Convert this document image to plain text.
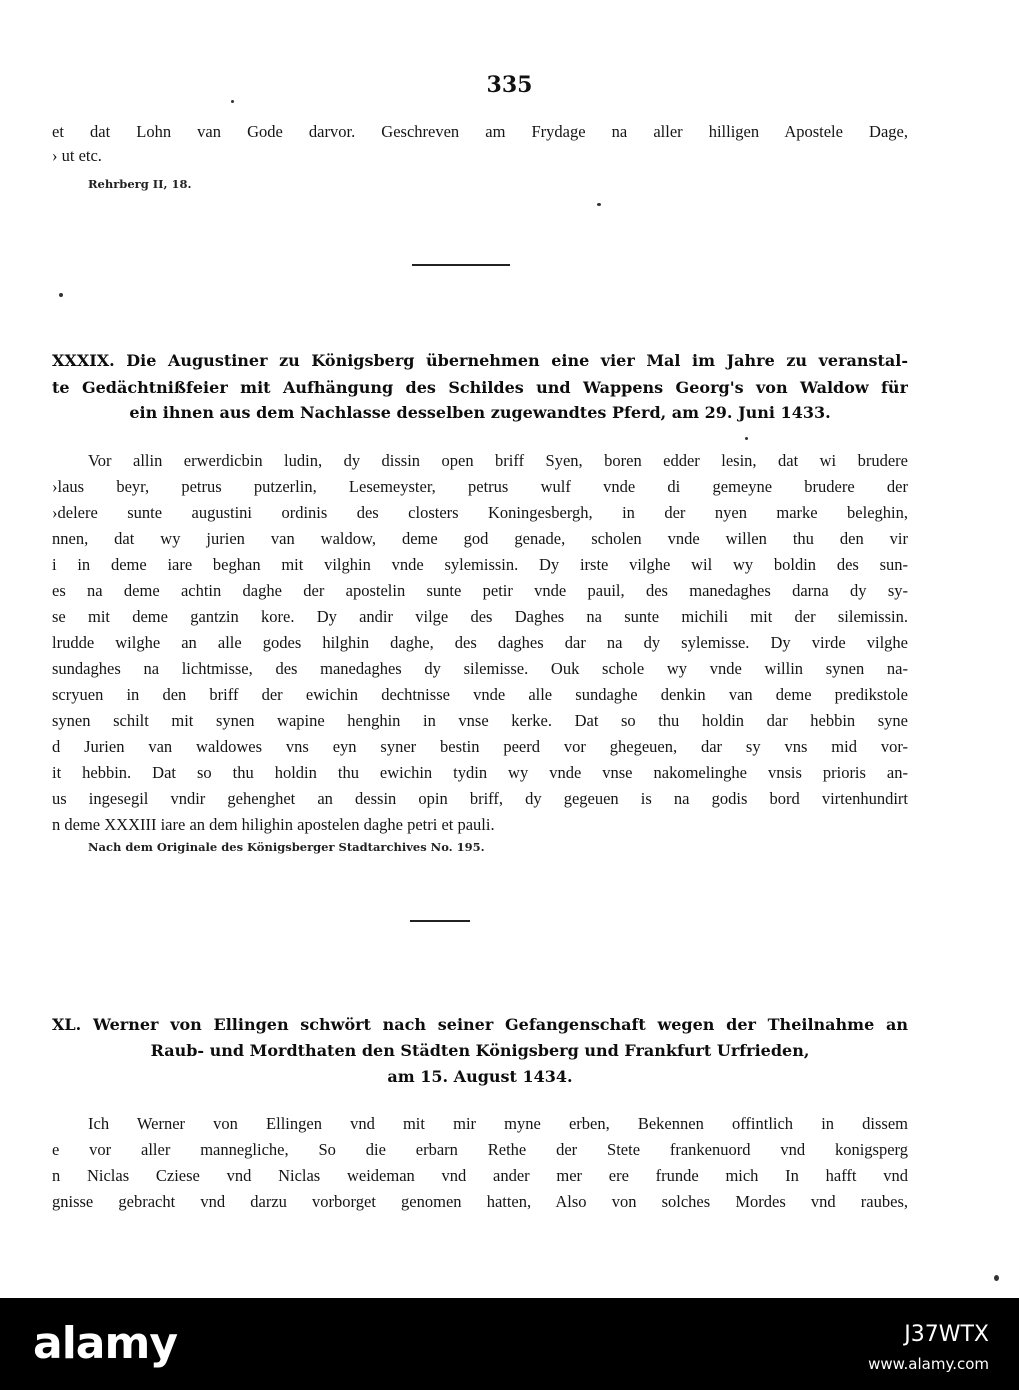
335
et dat Lohn van Gode darvor. Geschreven am Frydage na aller hilligen Apostele Dage,
› ut etc.
Rehrberg II, 18.
XXXIX. Die Augustiner zu Königsberg übernehmen eine vier Mal im Jahre zu veranstal-
te Gedächtnißfeier mit Aufhängung des Schildes und Wappens Georg's von Waldow für
ein ihnen aus dem Nachlasse desselben zugewandtes Pferd, am 29. Juni 1433.
Vor allin erwerdicbin ludin, dy dissin open briff Syen, boren edder lesin, dat wi brudere
›laus beyr, petrus putzerlin, Lesemeyster, petrus wulf vnde di gemeyne brudere der
›delere sunte augustini ordinis des closters Koningesbergh, in der nyen marke beleghin,
nnen, dat wy jurien van waldow, deme god genade, scholen vnde willen thu den vir
i in deme iare beghan mit vilghin vnde sylemissin. Dy irste vilghe wil wy boldin des sun-
es na deme achtin daghe der apostelin sunte petir vnde pauil, des manedaghes darna dy sy-
se mit deme gantzin kore. Dy andir vilge des Daghes na sunte michili mit der silemissin.
lrudde wilghe an alle godes hilghin daghe, des daghes dar na dy sylemisse. Dy virde vilghe
sundaghes na lichtmisse, des manedaghes dy silemisse. Ouk schole wy vnde willin synen na-
scryuen in den briff der ewichin dechtnisse vnde alle sundaghe denkin van deme predikstole
synen schilt mit synen wapine henghin in vnse kerke. Dat so thu holdin dar hebbin syne
d Jurien van waldowes vns eyn syner bestin peerd vor ghegeuen, dar sy vns mid vor-
it hebbin. Dat so thu holdin thu ewichin tydin wy vnde vnse nakomelinghe vnsis prioris an-
us ingesegil vndir gehenghet an dessin opin briff, dy gegeuen is na godis bord virtenhundirt
n deme XXXIII iare an dem hilighin apostelen daghe petri et pauli.
Nach dem Originale des Königsberger Stadtarchives No. 195.
XL. Werner von Ellingen schwört nach seiner Gefangenschaft wegen der Theilnahme an
Raub- und Mordthaten den Städten Königsberg und Frankfurt Urfrieden,
am 15. August 1434.
Ich Werner von Ellingen vnd mit mir myne erben, Bekennen offintlich in dissem
e vor aller mannegliche, So die erbarn Rethe der Stete frankenuord vnd konigsperg
n Niclas Cziese vnd Niclas weideman vnd ander mer ere frunde mich In hafft vnd
gnisse gebracht vnd darzu vorborget genomen hatten, Also von solches Mordes vnd raubes,
alamy	J37WTX
www.alamy.com
